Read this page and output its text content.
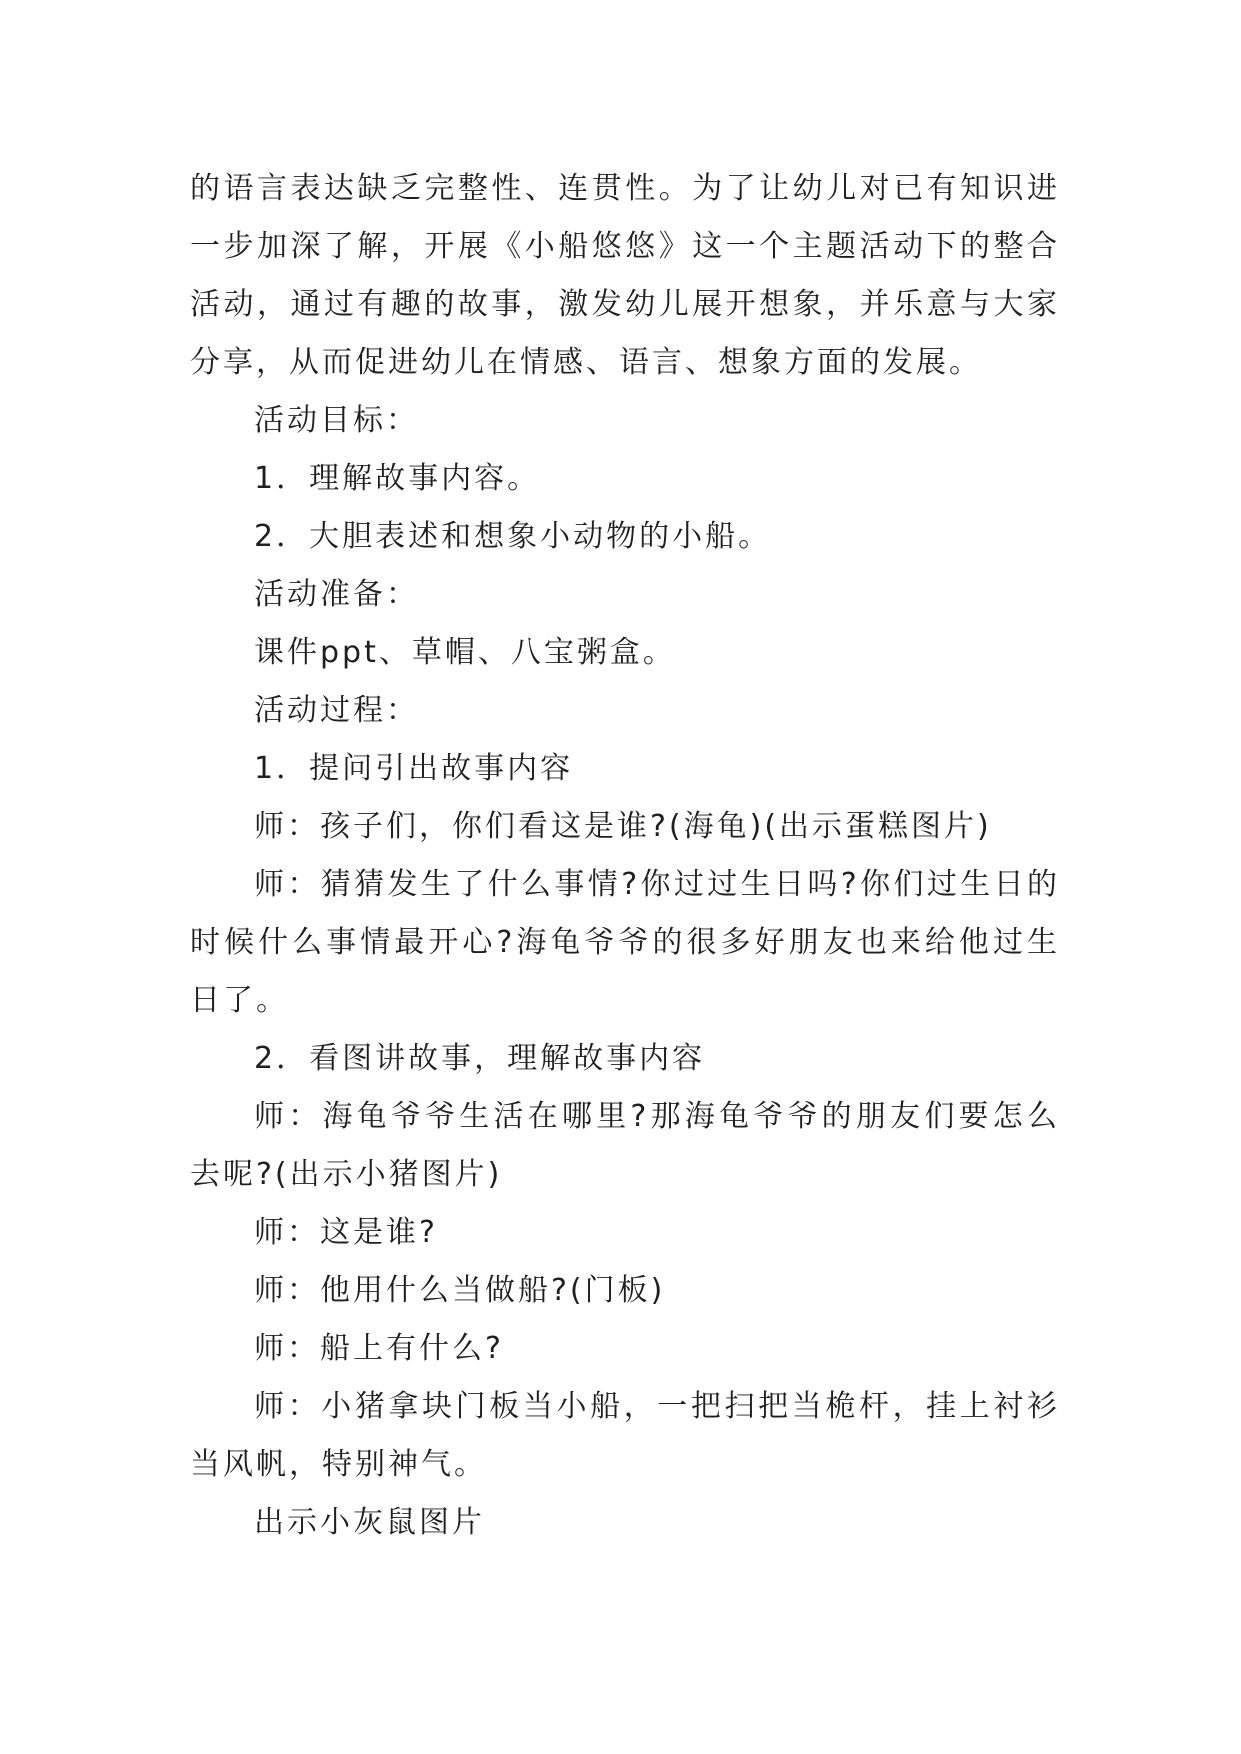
的语言表达缺乏完整性、连贯性。为了让幼儿对已有知识进一步加深了解，开展《小船悠悠》这一个主题活动下的整合活动，通过有趣的故事，激发幼儿展开想象，并乐意与大家分享，从而促进幼儿在情感、语言、想象方面的发展。

活动目标：

1．理解故事内容。

2．大胆表述和想象小动物的小船。

活动准备：

课件ppt、草帽、八宝粥盒。

活动过程：

1．提问引出故事内容

师：孩子们，你们看这是谁?(海龟)(出示蛋糕图片)

师：猜猜发生了什么事情?你过过生日吗?你们过生日的时候什么事情最开心?海龟爷爷的很多好朋友也来给他过生日了。

2．看图讲故事，理解故事内容

师：海龟爷爷生活在哪里?那海龟爷爷的朋友们要怎么去呢?(出示小猪图片)

师：这是谁?

师：他用什么当做船?(门板)

师：船上有什么?

师：小猪拿块门板当小船，一把扫把当桅杆，挂上衬衫当风帆，特别神气。

出示小灰鼠图片
